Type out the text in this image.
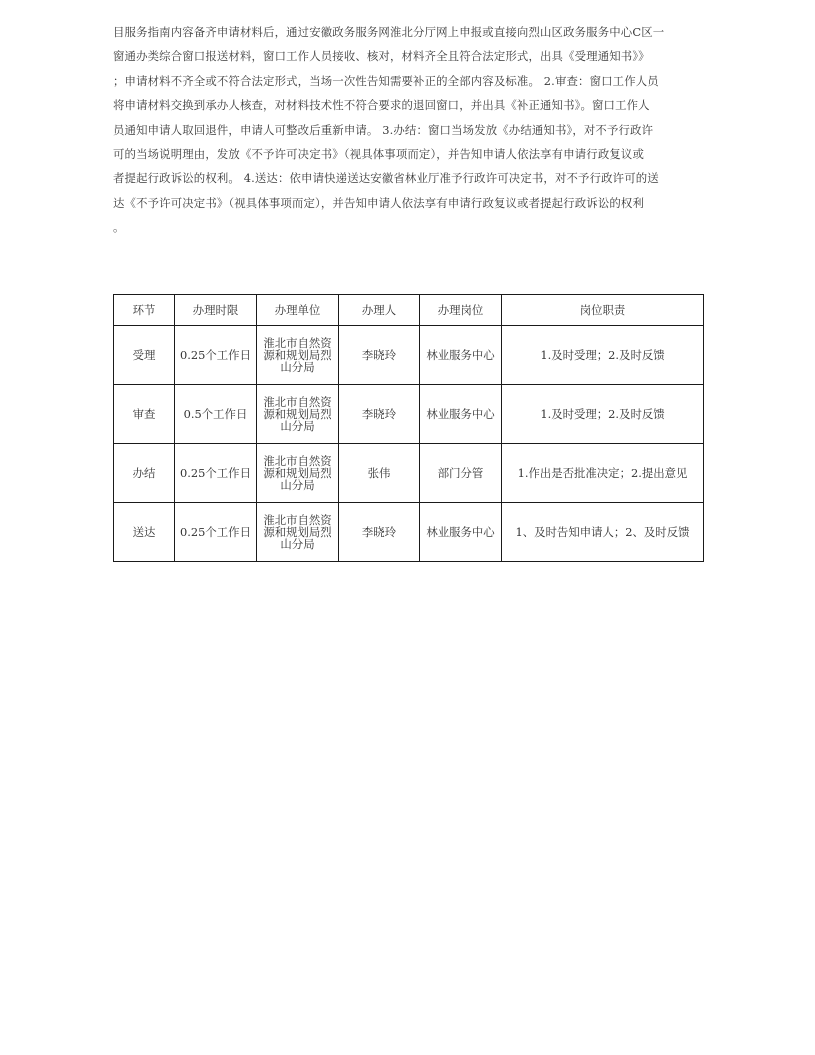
目服务指南内容备齐申请材料后，通过安徽政务服务网淮北分厅网上申报或直接向烈山区政务服务中心C区一
窗通办类综合窗口报送材料，窗口工作人员接收、核对，材料齐全且符合法定形式，出具《受理通知书》》
；申请材料不齐全或不符合法定形式，当场一次性告知需要补正的全部内容及标准。 2.审查：窗口工作人员
将申请材料交换到承办人核查，对材料技术性不符合要求的退回窗口，并出具《补正通知书》。窗口工作人
员通知申请人取回退件，申请人可整改后重新申请。 3.办结：窗口当场发放《办结通知书》，对不予行政许
可的当场说明理由，发放《不予许可决定书》（视具体事项而定），并告知申请人依法享有申请行政复议或
者提起行政诉讼的权利。 4.送达：依申请快递送达安徽省林业厅准予行政许可决定书，对不予行政许可的送
达《不予许可决定书》（视具体事项而定），并告知申请人依法享有申请行政复议或者提起行政诉讼的权利
。
环节	办理时限	办理单位	办理人	办理岗位	岗位职责
受理	0.25个工作日	淮北市自然资源和规划局烈山分局	李晓玲	林业服务中心	1.及时受理；2.及时反馈
审查	0.5个工作日	淮北市自然资源和规划局烈山分局	李晓玲	林业服务中心	1.及时受理；2.及时反馈
办结	0.25个工作日	淮北市自然资源和规划局烈山分局	张伟	部门分管	1.作出是否批准决定；2.提出意见
送达	0.25个工作日	淮北市自然资源和规划局烈山分局	李晓玲	林业服务中心	1、及时告知申请人；2、及时反馈
